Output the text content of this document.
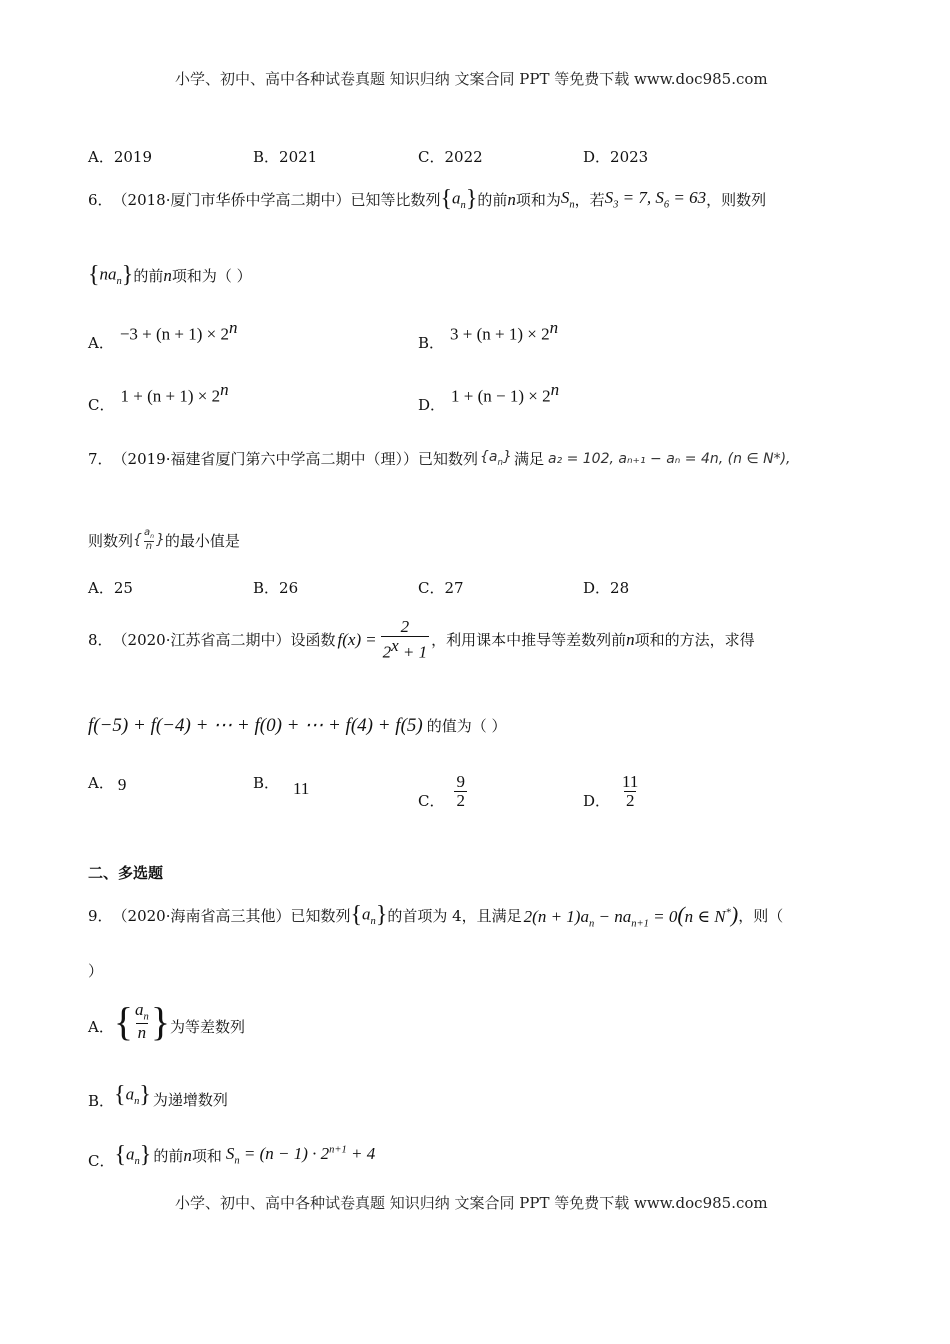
小学、初中、高中各种试卷真题 知识归纳 文案合同 PPT 等免费下载 www.doc985.com
A．2019	B．2021	C．2022	D．2023
6． （2018·厦门市华侨中学高二期中） 已知等比数列 $\{a_n\}$ 的前 n 项和为 $S_n$ ，若 $S_3 = 7$, $S_6 = 63$ ，则数列
$\{na_n\}$ 的前 n 项和为（ ）
A． $-3 + (n + 1) \times 2^n$
B． $3 + (n + 1) \times 2^n$
C． $1 + (n + 1) \times 2^n$
D． $1 + (n - 1) \times 2^n$
7． （2019·福建省厦门第六中学高二期中（理）） 已知数列 $\{a_n\}$ 满足 a₂ = 102, aₙ₊₁ − aₙ = 4n, (n ∈ N*),
则数列 { $\frac{a_n}{n}$ } 的最小值是
A．25	B．26	C．27	D．28
8． （2020·江苏省高二期中） 设函数 f ( x ) = $\frac{2}{2^x + 1}$ ，利用课本中推导等差数列前 n 项和的方法，求得
f(−5) + f(−4) + ⋯ + f(0) + ⋯ + f(4) + f(5) 的值为（ ）
A． 9	B． 11
C． $\frac{9}{2}$	D． $\frac{11}{2}$
二、多选题
9． （2020·海南省高三其他） 已知数列 $\{a_n\}$ 的首项为 4，且满足 $2(n + 1)a_n - na_{n+1} = 0(n$ ∈ N*) ，则（
）
A． { $\frac{a_n}{n}$ } 为等差数列
B． $\{a_n\}$ 为递增数列
C． $\{a_n\}$ 的前 n 项和 $S_n = (n - 1) \cdot 2^{n+1} + 4$
小学、初中、高中各种试卷真题 知识归纳 文案合同 PPT 等免费下载 www.doc985.com
